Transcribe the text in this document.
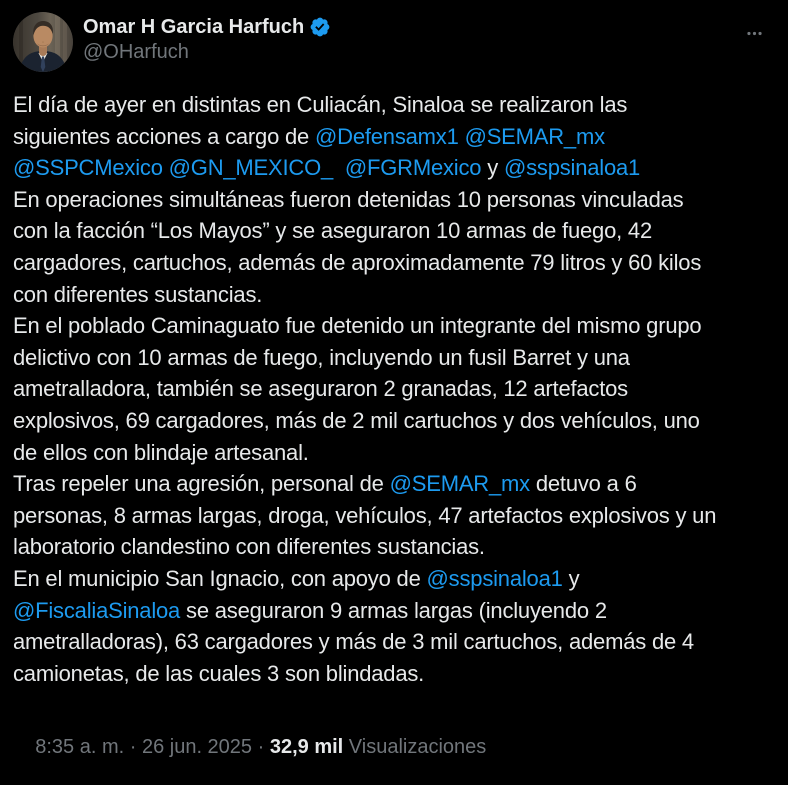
Omar H Garcia Harfuch
@OHarfuch
El día de ayer en distintas en Culiacán, Sinaloa se realizaron las
siguientes acciones a cargo de @Defensamx1 @SEMAR_mx
@SSPCMexico @GN_MEXICO_ @FGRMexico y @sspsinaloa1
En operaciones simultáneas fueron detenidas 10 personas vinculadas
con la facción “Los Mayos” y se aseguraron 10 armas de fuego, 42
cargadores, cartuchos, además de aproximadamente 79 litros y 60 kilos
con diferentes sustancias.
En el poblado Caminaguato fue detenido un integrante del mismo grupo
delictivo con 10 armas de fuego, incluyendo un fusil Barret y una
ametralladora, también se aseguraron 2 granadas, 12 artefactos
explosivos, 69 cargadores, más de 2 mil cartuchos y dos vehículos, uno
de ellos con blindaje artesanal.
Tras repeler una agresión, personal de @SEMAR_mx detuvo a 6
personas, 8 armas largas, droga, vehículos, 47 artefactos explosivos y un
laboratorio clandestino con diferentes sustancias.
En el municipio San Ignacio, con apoyo de @sspsinaloa1 y
@FiscaliaSinaloa se aseguraron 9 armas largas (incluyendo 2
ametralladoras), 63 cargadores y más de 3 mil cartuchos, además de 4
camionetas, de las cuales 3 son blindadas.

8:35 a. m. · 26 jun. 2025 · 32,9 mil Visualizaciones
